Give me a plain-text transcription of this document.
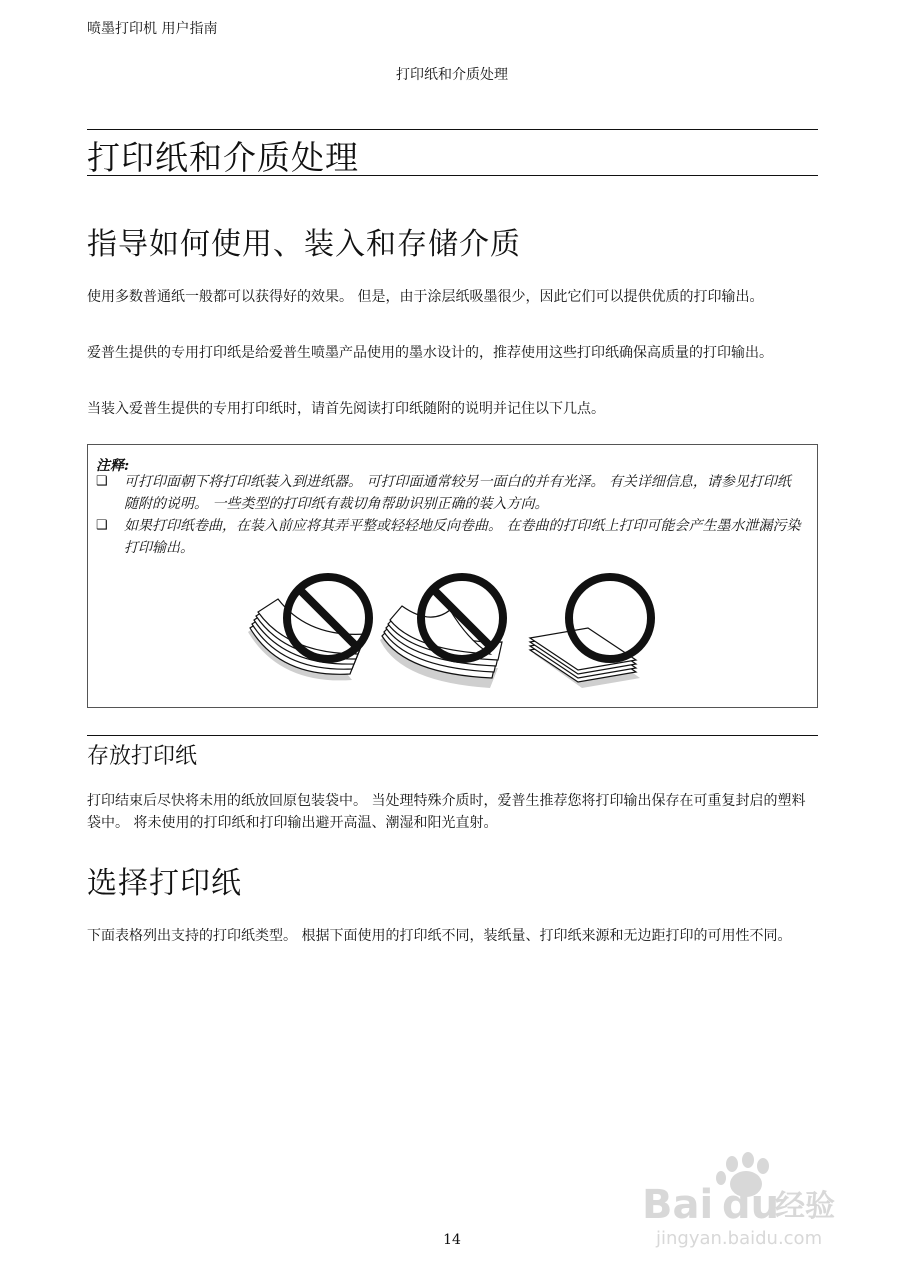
喷墨打印机 用户指南
打印纸和介质处理
打印纸和介质处理
指导如何使用、装入和存储介质
使用多数普通纸一般都可以获得好的效果。 但是，由于涂层纸吸墨很少，因此它们可以提供优质的打印输出。
爱普生提供的专用打印纸是给爱普生喷墨产品使用的墨水设计的，推荐使用这些打印纸确保高质量的打印输出。
当装入爱普生提供的专用打印纸时，请首先阅读打印纸随附的说明并记住以下几点。
注释:
❑ 可打印面朝下将打印纸装入到进纸器。 可打印面通常较另一面白的并有光泽。 有关详细信息，请参见打印纸随附的说明。 一些类型的打印纸有裁切角帮助识别正确的装入方向。
❑ 如果打印纸卷曲，在装入前应将其弄平整或轻轻地反向卷曲。 在卷曲的打印纸上打印可能会产生墨水泄漏污染打印输出。
存放打印纸
打印结束后尽快将未用的纸放回原包装袋中。 当处理特殊介质时，爱普生推荐您将打印输出保存在可重复封启的塑料袋中。 将未使用的打印纸和打印输出避开高温、潮湿和阳光直射。
选择打印纸
下面表格列出支持的打印纸类型。 根据下面使用的打印纸不同，装纸量、打印纸来源和无边距打印的可用性不同。
14
Bai du
经验
jingyan.baidu.com
